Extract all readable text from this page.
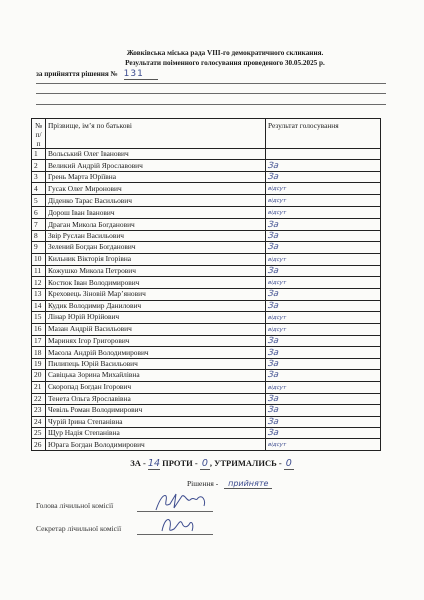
Жовківська міська рада VIII-го демократичного скликання.
Результати поіменного голосування проведеного 30.05.2025 р.
за прийняття рішення № 131
№ п/п	Прізвище, ім’я по батькові	Результат голосування
1	Вольський Олег Іванович	
2	Великий Андрій Ярославович	За
3	Грень Марта Юріївна	За
4	Гусак Олег Миронович	відсут
5	Діденко Тарас Васильович	відсут
6	Дорош Іван Іванович	відсут
7	Драган Микола Богданович	За
8	Звір Руслан Васильович	За
9	Зелений Богдан Богданович	За
10	Кильник Вікторія Ігорівна	відсут
11	Кожушко Микола Петрович	За
12	Костюк Іван Володимирович	відсут
13	Креховець Зіновій Мар’янович	За
14	Кудик Володимир Данилович	За
15	Лінар Юрій Юрійович	відсут
16	Мазан Андрій Васильович	відсут
17	Маринях Ігор Григорович	За
18	Маєола Андрій Володимирович	За
19	Пилипець Юрій Васильович	За
20	Савіцька Зорина Михайлівна	За
21	Скоропад Богдан Ігорович	відсут
22	Тенета Ольга Ярославівна	За
23	Чевіль Роман Володимирович	За
24	Чурій Ірина Степанівна	За
25	Щур Надія Степанівна	За
26	Юрага Богдан Володимирович	відсут
ЗА - 14 ПРОТИ - 0 , УТРИМАЛИСЬ - 0
Рішення - прийняте
Голова лічильної комісії
Секретар лічильної комісії
